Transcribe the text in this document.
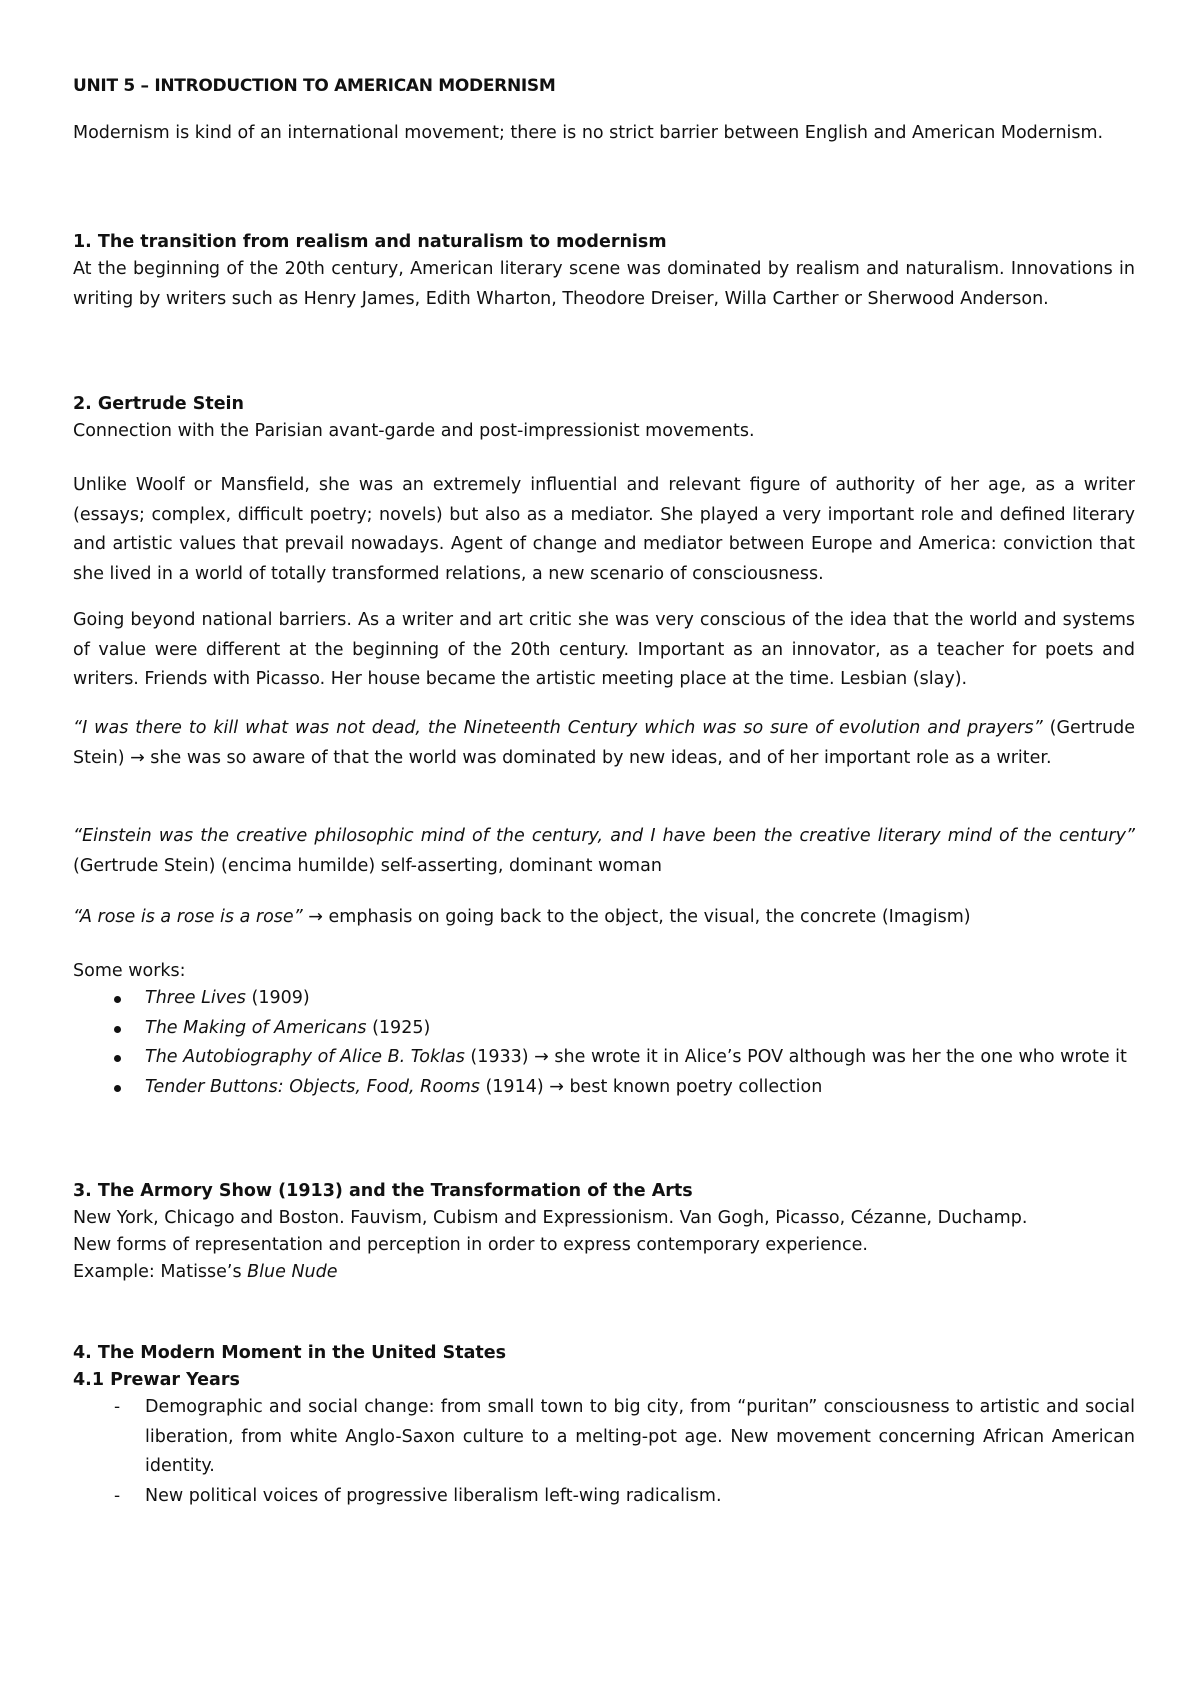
UNIT 5 – INTRODUCTION TO AMERICAN MODERNISM

Modernism is kind of an international movement; there is no strict barrier between English and American Modernism.

1. The transition from realism and naturalism to modernism

At the beginning of the 20th century, American literary scene was dominated by realism and naturalism. Innovations in writing by writers such as Henry James, Edith Wharton, Theodore Dreiser, Willa Carther or Sherwood Anderson.

2. Gertrude Stein

Connection with the Parisian avant-garde and post-impressionist movements.

Unlike Woolf or Mansfield, she was an extremely influential and relevant figure of authority of her age, as a writer (essays; complex, difficult poetry; novels) but also as a mediator. She played a very important role and defined literary and artistic values that prevail nowadays. Agent of change and mediator between Europe and America: conviction that she lived in a world of totally transformed relations, a new scenario of consciousness.

Going beyond national barriers. As a writer and art critic she was very conscious of the idea that the world and systems of value were different at the beginning of the 20th century. Important as an innovator, as a teacher for poets and writers. Friends with Picasso. Her house became the artistic meeting place at the time. Lesbian (slay).

“I was there to kill what was not dead, the Nineteenth Century which was so sure of evolution and prayers” (Gertrude Stein) → she was so aware of that the world was dominated by new ideas, and of her important role as a writer.

“Einstein was the creative philosophic mind of the century, and I have been the creative literary mind of the century” (Gertrude Stein) (encima humilde) self-asserting, dominant woman

“A rose is a rose is a rose” → emphasis on going back to the object, the visual, the concrete (Imagism)

Some works:

Three Lives (1909)
The Making of Americans (1925)
The Autobiography of Alice B. Toklas (1933) → she wrote it in Alice’s POV although was her the one who wrote it
Tender Buttons: Objects, Food, Rooms (1914) → best known poetry collection

3. The Armory Show (1913) and the Transformation of the Arts

New York, Chicago and Boston. Fauvism, Cubism and Expressionism. Van Gogh, Picasso, Cézanne, Duchamp.

New forms of representation and perception in order to express contemporary experience.

Example: Matisse’s Blue Nude

4. The Modern Moment in the United States

4.1 Prewar Years

- Demographic and social change: from small town to big city, from “puritan” consciousness to artistic and social liberation, from white Anglo-Saxon culture to a melting-pot age. New movement concerning African American identity.
- New political voices of progressive liberalism left-wing radicalism.
